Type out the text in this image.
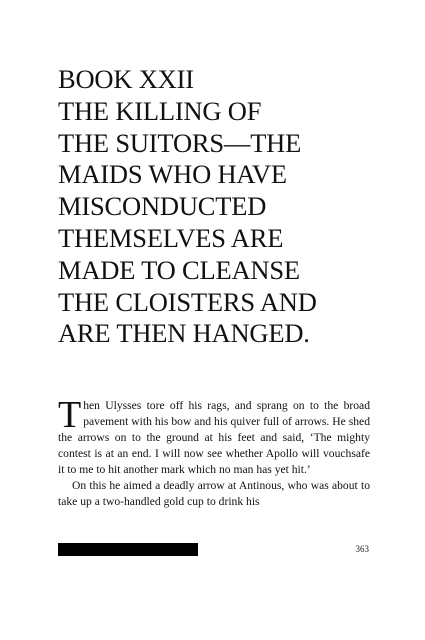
BOOK XXII
THE KILLING OF
THE SUITORS—THE
MAIDS WHO HAVE
MISCONDUCTED
THEMSELVES ARE
MADE TO CLEANSE
THE CLOISTERS AND
ARE THEN HANGED.

Then Ulysses tore off his rags, and sprang on to the broad pavement with his bow and his quiver full of arrows. He shed the arrows on to the ground at his feet and said, ‘The mighty contest is at an end. I will now see whether Apollo will vouchsafe it to me to hit another mark which no man has yet hit.’

On this he aimed a deadly arrow at Antinous, who was about to take up a two-handled gold cup to drink his

363
